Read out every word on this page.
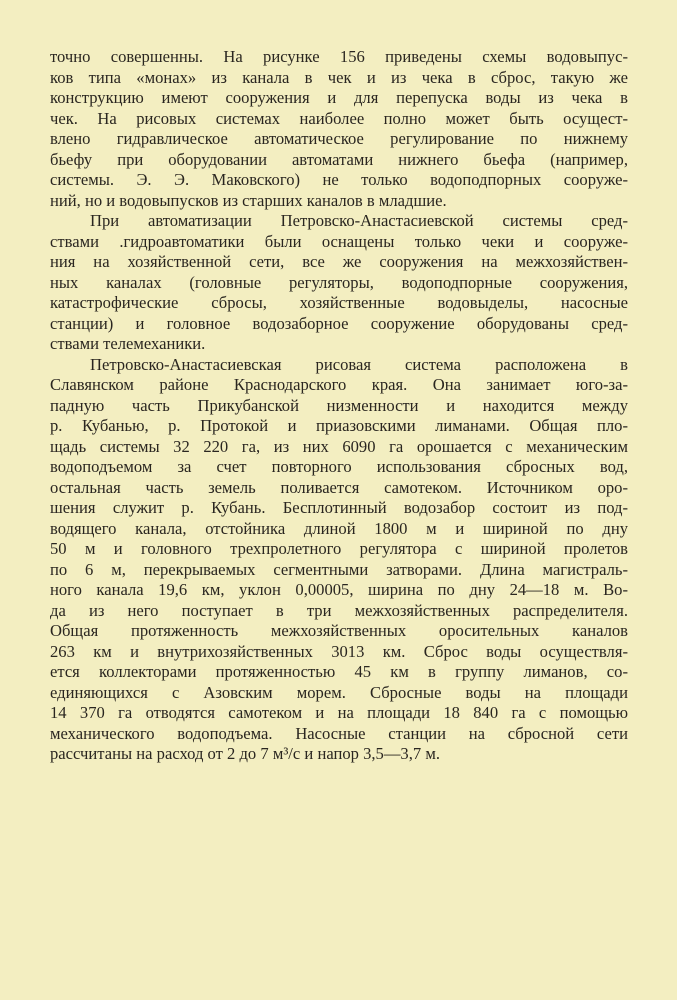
точно совершенны. На рисунке 156 приведены схемы водовыпус-
ков типа «монах» из канала в чек и из чека в сброс, такую же
конструкцию имеют сооружения и для перепуска воды из чека в
чек. На рисовых системах наиболее полно может быть осущест-
влено гидравлическое автоматическое регулирование по нижнему
бьефу при оборудовании автоматами нижнего бьефа (например,
системы. Э. Э. Маковского) не только водоподпорных сооруже-
ний, но и водовыпусков из старших каналов в младшие.
При автоматизации Петровско-Анастасиевской системы сред-
ствами .гидроавтоматики были оснащены только чеки и сооруже-
ния на хозяйственной сети, все же сооружения на межхозяйствен-
ных каналах (головные регуляторы, водоподпорные сооружения,
катастрофические сбросы, хозяйственные водовыделы, насосные
станции) и головное водозаборное сооружение оборудованы сред-
ствами телемеханики.
Петровско-Анастасиевская рисовая система расположена в
Славянском районе Краснодарского края. Она занимает юго-за-
падную часть Прикубанской низменности и находится между
р. Кубанью, р. Протокой и приазовскими лиманами. Общая пло-
щадь системы 32 220 га, из них 6090 га орошается с механическим
водоподъемом за счет повторного использования сбросных вод,
остальная часть земель поливается самотеком. Источником оро-
шения служит р. Кубань. Бесплотинный водозабор состоит из под-
водящего канала, отстойника длиной 1800 м и шириной по дну
50 м и головного трехпролетного регулятора с шириной пролетов
по 6 м, перекрываемых сегментными затворами. Длина магистраль-
ного канала 19,6 км, уклон 0,00005, ширина по дну 24—18 м. Во-
да из него поступает в три межхозяйственных распределителя.
Общая протяженность межхозяйственных оросительных каналов
263 км и внутрихозяйственных 3013 км. Сброс воды осуществля-
ется коллекторами протяженностью 45 км в группу лиманов, со-
единяющихся с Азовским морем. Сбросные воды на площади
14 370 га отводятся самотеком и на площади 18 840 га с помощью
механического водоподъема. Насосные станции на сбросной сети
рассчитаны на расход от 2 до 7 м³/с и напор 3,5—3,7 м.
